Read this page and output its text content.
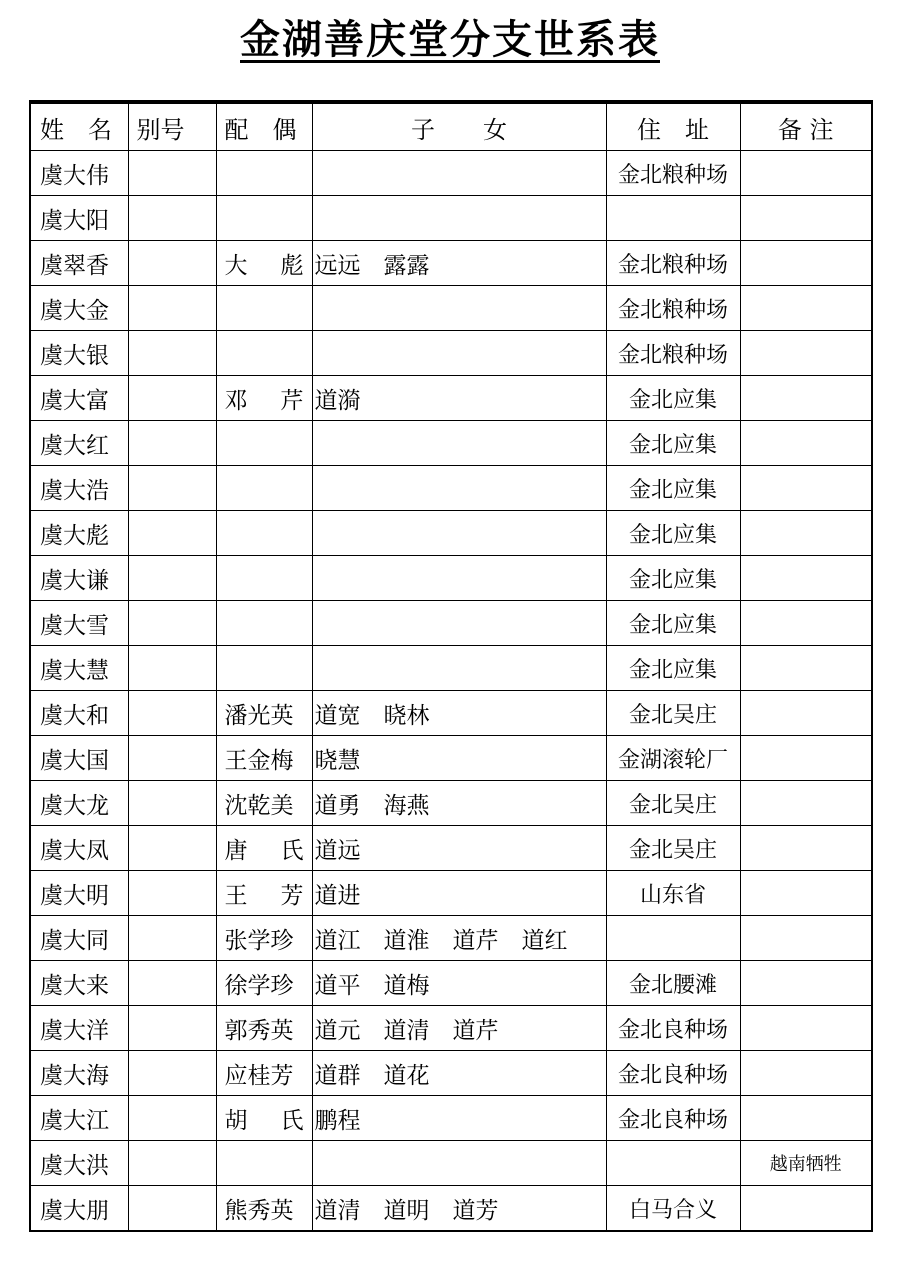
金湖善庆堂分支世系表
姓　名	别号	配　偶	子　　女	住　址	备 注
虞大伟				金北粮种场	
虞大阳					
虞翠香		大彪	远远　露露	金北粮种场	
虞大金				金北粮种场	
虞大银				金北粮种场	
虞大富		邓芹	道漪	金北应集	
虞大红				金北应集	
虞大浩				金北应集	
虞大彪				金北应集	
虞大谦				金北应集	
虞大雪				金北应集	
虞大慧				金北应集	
虞大和		潘光英	道宽　晓林	金北吴庄	
虞大国		王金梅	晓慧	金湖滚轮厂	
虞大龙		沈乾美	道勇　海燕	金北吴庄	
虞大凤		唐氏	道远	金北吴庄	
虞大明		王芳	道进	山东省	
虞大同		张学珍	道江　道淮　道芹　道红		
虞大来		徐学珍	道平　道梅	金北腰滩	
虞大洋		郭秀英	道元　道清　道芹	金北良种场	
虞大海		应桂芳	道群　道花	金北良种场	
虞大江		胡氏	鹏程	金北良种场	
虞大洪					越南牺牲
虞大朋		熊秀英	道清　道明　道芳	白马合义	
